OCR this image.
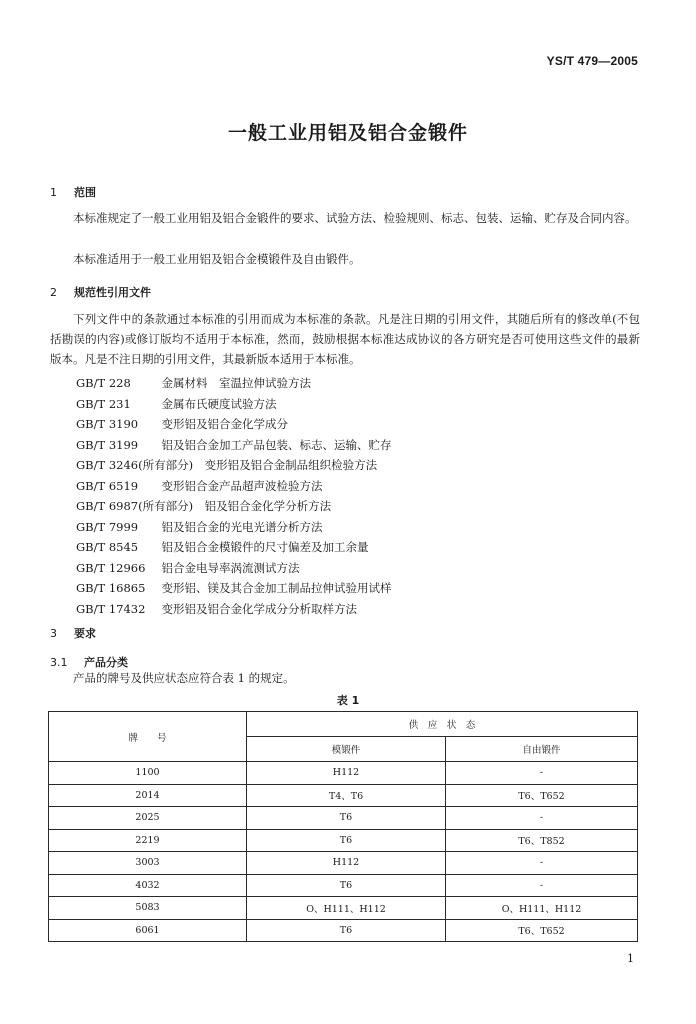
YS/T 479—2005
一般工业用铝及铝合金锻件
1 范围
本标准规定了一般工业用铝及铝合金锻件的要求、试验方法、检验规则、标志、包装、运输、贮存及合同内容。
本标准适用于一般工业用铝及铝合金模锻件及自由锻件。
2 规范性引用文件
下列文件中的条款通过本标准的引用而成为本标准的条款。凡是注日期的引用文件，其随后所有的修改单(不包括勘误的内容)或修订版均不适用于本标准，然而，鼓励根据本标准达成协议的各方研究是否可使用这些文件的最新版本。凡是不注日期的引用文件，其最新版本适用于本标准。
GB/T 228　	金属材料　室温拉伸试验方法
GB/T 231　	金属布氏硬度试验方法
GB/T 3190　 变形铝及铝合金化学成分
GB/T 3199　 铝及铝合金加工产品包装、标志、运输、贮存
GB/T 3246(所有部分)　 变形铝及铝合金制品组织检验方法
GB/T 6519　 变形铝合金产品超声波检验方法
GB/T 6987(所有部分)　 铝及铝合金化学分析方法
GB/T 7999　 铝及铝合金的光电光谱分析方法
GB/T 8545　 铝及铝合金模锻件的尺寸偏差及加工余量
GB/T 12966　 铝合金电导率涡流测试方法
GB/T 16865　 变形铝、镁及其合金加工制品拉伸试验用试样
GB/T 17432　 变形铝及铝合金化学成分分析取样方法
3 要求
3.1 产品分类
产品的牌号及供应状态应符合表 1 的规定。
表 1
牌　　号	供　应　状　态	
	模锻件	自由锻件
1100	H112	-
2014	T4、T6	T6、T652
2025	T6	-
2219	T6	T6、T852
3003	H112	-
4032	T6	-
5083	O、H111、H112	O、H111、H112
6061	T6	T6、T652
1
